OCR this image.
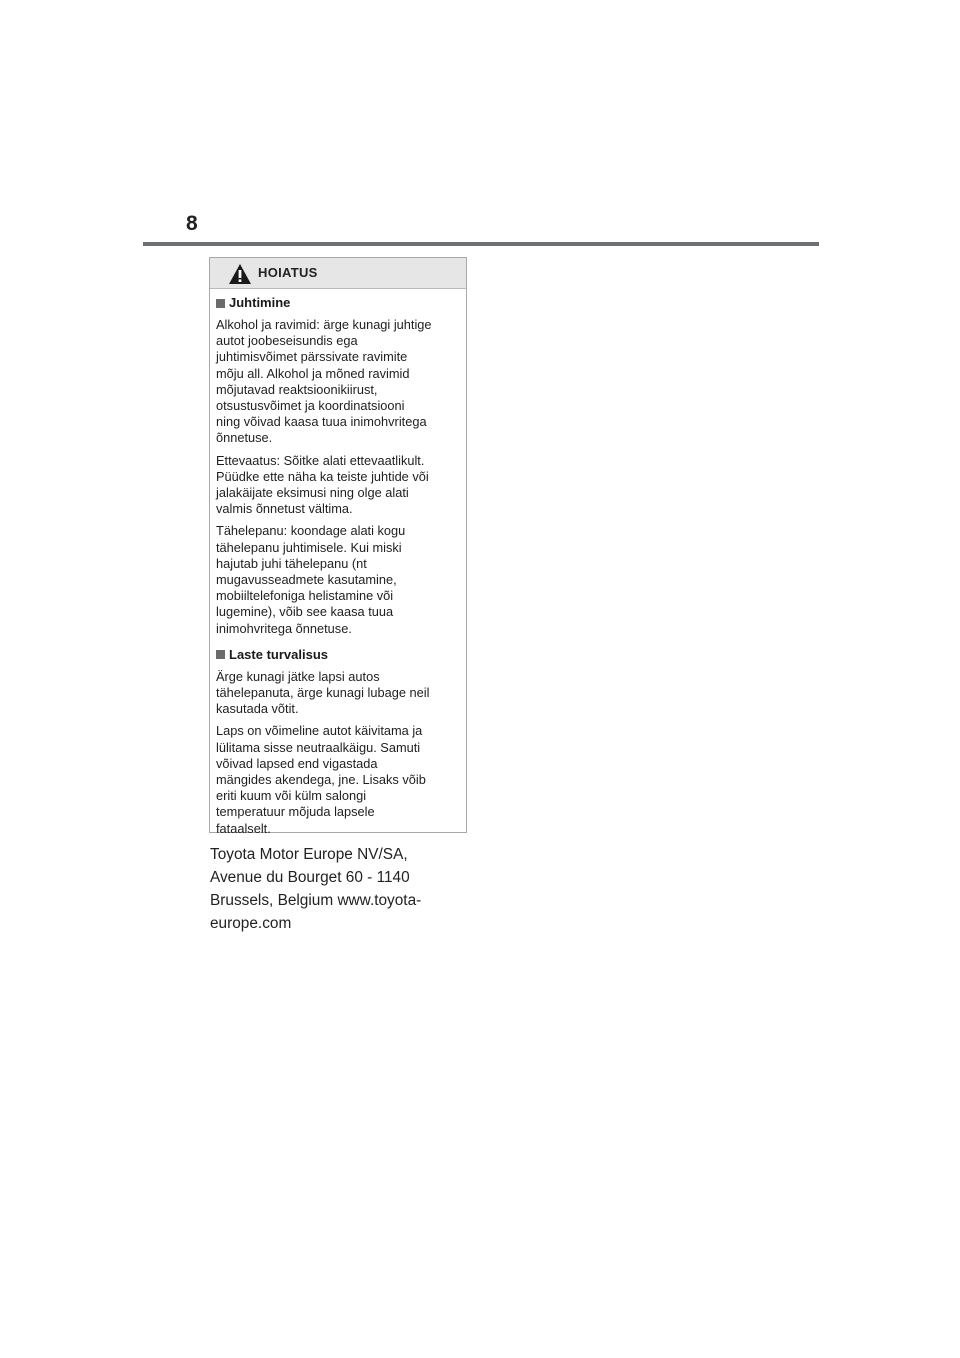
8
HOIATUS
Juhtimine

Alkohol ja ravimid: ärge kunagi juhtige
autot joobeseisundis ega
juhtimisvõimet pärssivate ravimite
mõju all. Alkohol ja mõned ravimid
mõjutavad reaktsioonikiirust,
otsustusvõimet ja koordinatsiooni
ning võivad kaasa tuua inimohvritega
õnnetuse.

Ettevaatus: Sõitke alati ettevaatlikult.
Püüdke ette näha ka teiste juhtide või
jalakäijate eksimusi ning olge alati
valmis õnnetust vältima.

Tähelepanu: koondage alati kogu
tähelepanu juhtimisele. Kui miski
hajutab juhi tähelepanu (nt
mugavusseadmete kasutamine,
mobiiltelefoniga helistamine või
lugemine), võib see kaasa tuua
inimohvritega õnnetuse.

Laste turvalisus

Ärge kunagi jätke lapsi autos
tähelepanuta, ärge kunagi lubage neil
kasutada võtit.

Laps on võimeline autot käivitama ja
lülitama sisse neutraalkäigu. Samuti
võivad lapsed end vigastada
mängides akendega, jne. Lisaks võib
eriti kuum või külm salongi
temperatuur mõjuda lapsele
fataalselt.

Toyota Motor Europe NV/SA,
Avenue du Bourget 60 - 1140
Brussels, Belgium www.toyota-
europe.com
